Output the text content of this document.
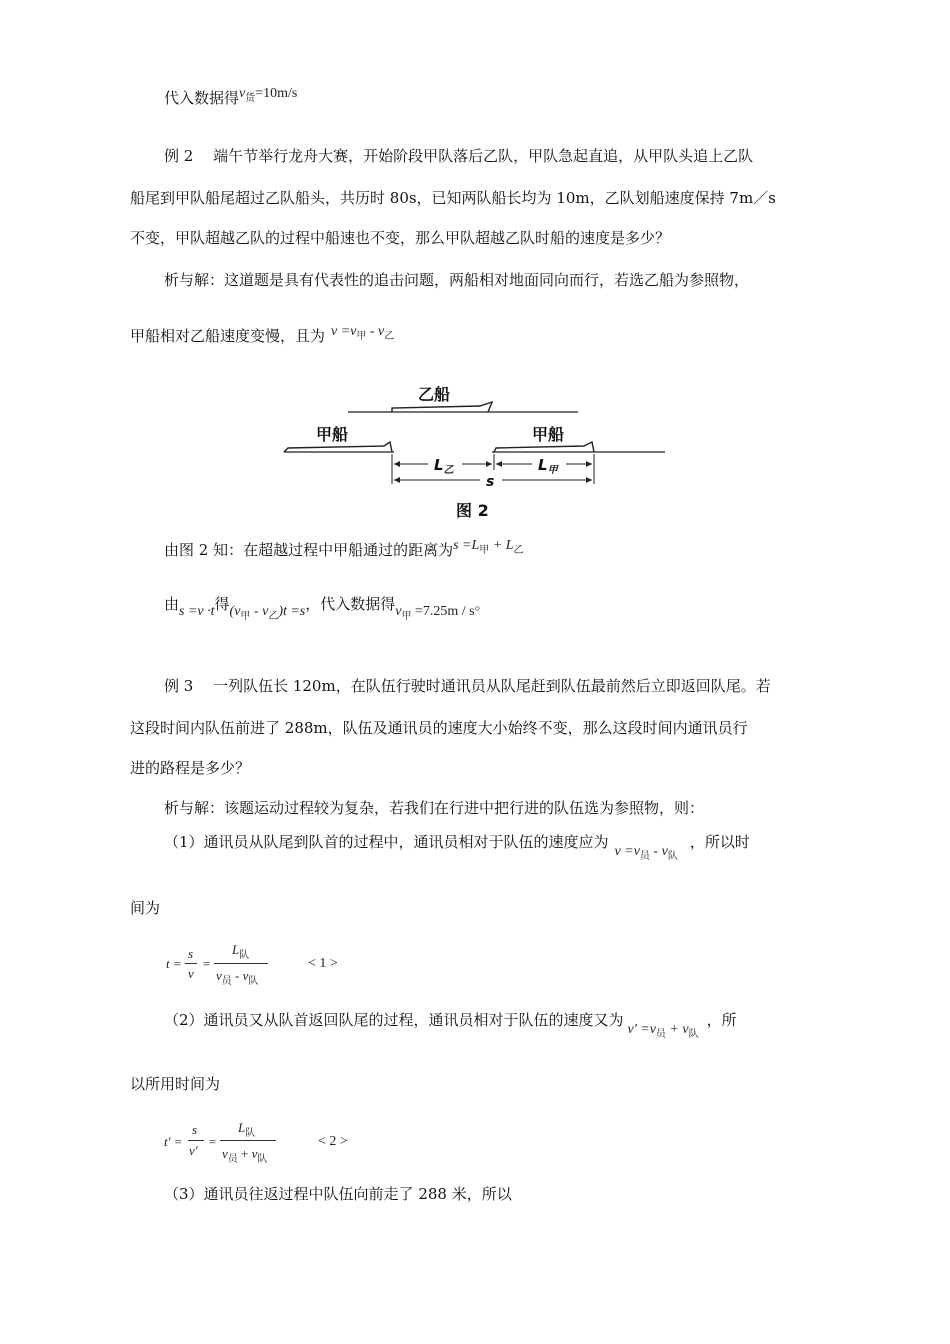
代入数据得$v_货=10m/s$
例 2　 端午节举行龙舟大赛，开始阶段甲队落后乙队，甲队急起直追，从甲队头追上乙队
船尾到甲队船尾超过乙队船头，共历时 80s，已知两队船长均为 10m，乙队划船速度保持 7m／s
不变，甲队超越乙队的过程中船速也不变，那么甲队超越乙队时船的速度是多少？
析与解：这道题是具有代表性的追击问题，两船相对地面同向而行，若选乙船为参照物，
甲船相对乙船速度变慢，且为 $v =v_甲 - v_乙$
乙船
甲船	甲船
$L_乙$	$L_甲$
s
图 2
由图 2 知：在超越过程中甲船通过的距离为$s =L_甲 + L_乙$
由s =v ·t得$(v_甲 - v_乙)t =s$，代入数据得$v_甲 =7.25m / s$。
例 3　 一列队伍长 120m，在队伍行驶时通讯员从队尾赶到队伍最前然后立即返回队尾。若
这段时间内队伍前进了 288m，队伍及通讯员的速度大小始终不变，那么这段时间内通讯员行
进的路程是多少？
析与解：该题运动过程较为复杂，若我们在行进中把行进的队伍选为参照物，则：
（1）通讯员从队尾到队首的过程中，通讯员相对于队伍的速度应为$v =v_员 - v_队$，所以时
间为
t =
s
v
=
$L_队$
$v_员 - v_队$
< 1 >
（2）通讯员又从队首返回队尾的过程，通讯员相对于队伍的速度又为$v' =v_员 + v_队$，所
以所用时间为
t' =
s
v'
=
$L_队$
$v_员 + v_队$
< 2 >
（3）通讯员往返过程中队伍向前走了 288 米，所以
